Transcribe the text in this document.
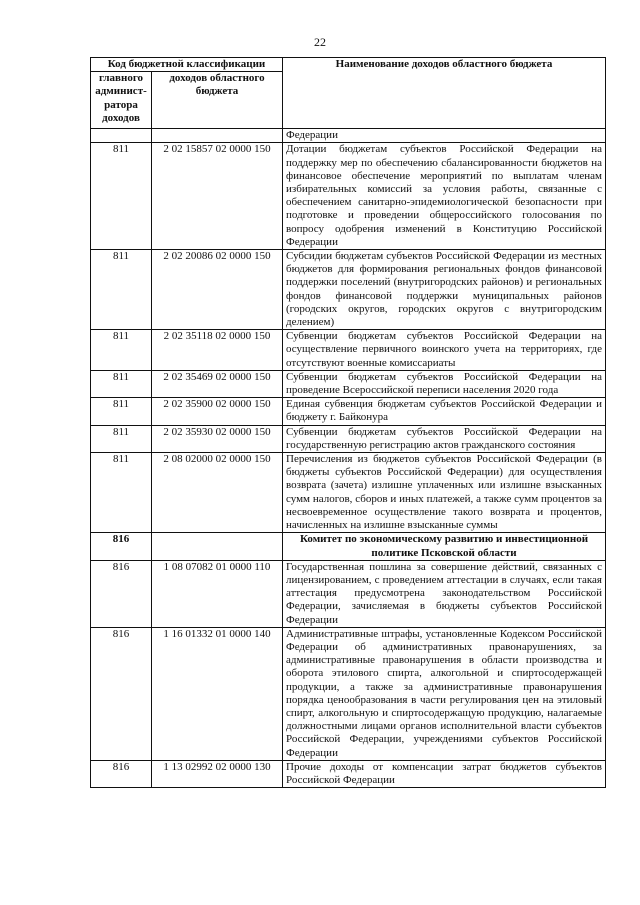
22
Код бюджетной классификации		Наименование доходов областного бюджета
главного админист-ратора доходов	доходов областного бюджета	
		Федерации
811	2 02 15857 02 0000 150	Дотации бюджетам субъектов Российской Федерации на поддержку мер по обеспечению сбалансированности бюджетов на финансовое обеспечение мероприятий по выплатам членам избирательных комиссий за условия работы, связанные с обеспечением санитарно-эпидемиологической безопасности при подготовке и проведении общероссийского голосования по вопросу одобрения изменений в Конституцию Российской Федерации
811	2 02 20086 02 0000 150	Субсидии бюджетам субъектов Российской Федерации из местных бюджетов для формирования региональных фондов финансовой поддержки поселений (внутригородских районов) и региональных фондов финансовой поддержки муниципальных районов (городских округов, городских округов с внутригородским делением)
811	2 02 35118 02 0000 150	Субвенции бюджетам субъектов Российской Федерации на осуществление первичного воинского учета на территориях, где отсутствуют военные комиссариаты
811	2 02 35469 02 0000 150	Субвенции бюджетам субъектов Российской Федерации на проведение Всероссийской переписи населения 2020 года
811	2 02 35900 02 0000 150	Единая субвенция бюджетам субъектов Российской Федерации и бюджету г. Байконура
811	2 02 35930 02 0000 150	Субвенции бюджетам субъектов Российской Федерации на государственную регистрацию актов гражданского состояния
811	2 08 02000 02 0000 150	Перечисления из бюджетов субъектов Российской Федерации (в бюджеты субъектов Российской Федерации) для осуществления возврата (зачета) излишне уплаченных или излишне взысканных сумм налогов, сборов и иных платежей, а также сумм процентов за несвоевременное осуществление такого возврата и процентов, начисленных на излишне взысканные суммы
816		Комитет по экономическому развитию и инвестиционной политике Псковской области
816	1 08 07082 01 0000 110	Государственная пошлина за совершение действий, связанных с лицензированием, с проведением аттестации в случаях, если такая аттестация предусмотрена законодательством Российской Федерации, зачисляемая в бюджеты субъектов Российской Федерации
816	1 16 01332 01 0000 140	Административные штрафы, установленные Кодексом Российской Федерации об административных правонарушениях, за административные правонарушения в области производства и оборота этилового спирта, алкогольной и спиртосодержащей продукции, а также за административные правонарушения порядка ценообразования в части регулирования цен на этиловый спирт, алкогольную и спиртосодержащую продукцию, налагаемые должностными лицами органов исполнительной власти субъектов Российской Федерации, учреждениями субъектов Российской Федерации
816	1 13 02992 02 0000 130	Прочие доходы от компенсации затрат бюджетов субъектов Российской Федерации
